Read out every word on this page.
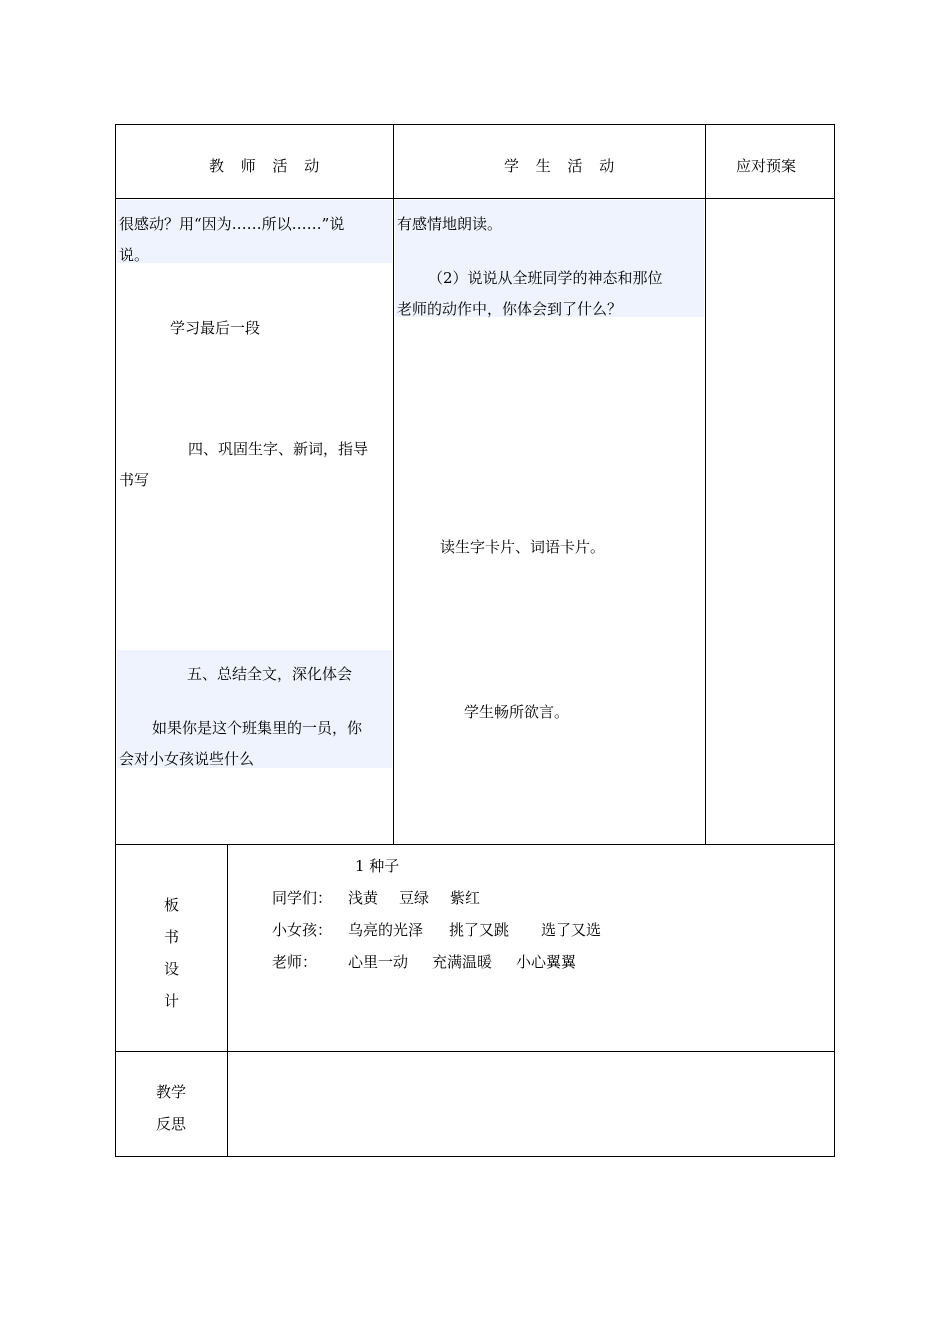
教 师 活 动	学 生 活 动	应对预案
很感动？用“因为……所以……”说
说。
学习最后一段
四、巩固生字、新词，指导
书写
五、总结全文，深化体会
如果你是这个班集里的一员，你
会对小女孩说些什么
有感情地朗读。
（2）说说从全班同学的神态和那位
老师的动作中，你体会到了什么？
读生字卡片、词语卡片。
学生畅所欲言。
板
书
设
计
1 种子
同学们： 浅黄 豆绿 紫红
小女孩： 乌亮的光泽 挑了又跳 选了又选
老师： 心里一动 充满温暖 小心翼翼
教学
反思
